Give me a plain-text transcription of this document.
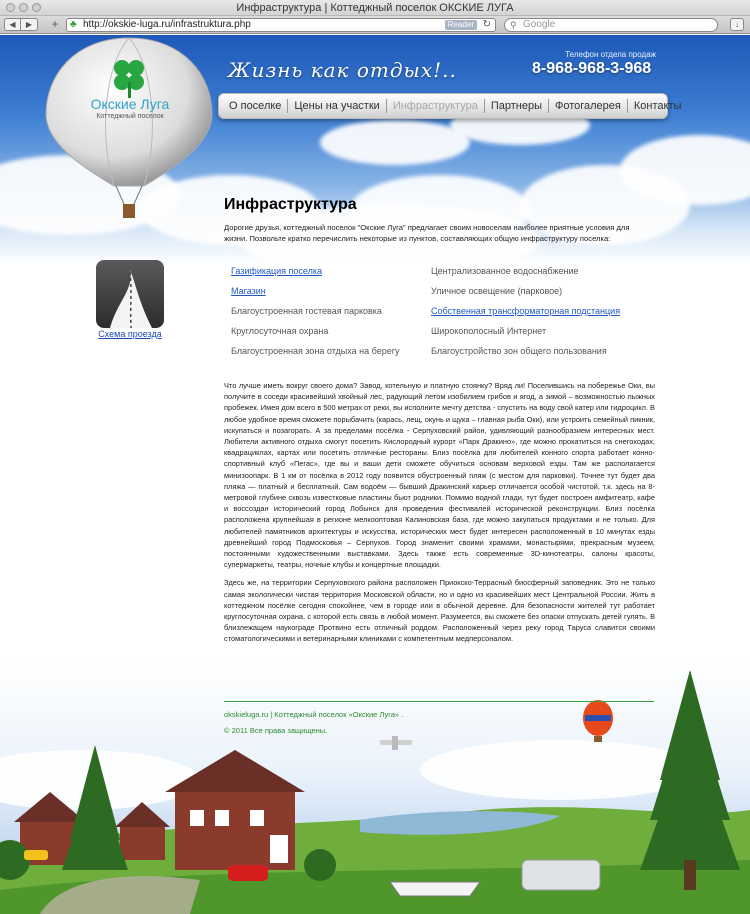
Инфраструктура | Коттеджный поселок ОКСКИЕ ЛУГА
◀	▶	+	♣ http://okskie-luga.ru/infrastruktura.php	Reader ↻ ⚲ Google	↓
Окские Луга
Коттеджный поселок
Жизнь как отдых!..
Телефон отдела продаж
8-968-968-3-968
О поселке	Цены на участки	Инфраструктура	Партнеры	Фотогалерея	Контакты
Инфраструктура

Дорогие друзья, коттеджный поселок "Окские Луга" предлагает своим новоселам наиболее приятные условия для жизни. Позвольте кратко перечислить некоторые из пунктов, составляющих общую инфраструктуру поселка:

Схема проезда
Газификация поселка	Централизованное водоснабжение
Магазин	Уличное освещение (парковое)
Благоустроенная гостевая парковка	Собственная трансформаторная подстанция
Круглосуточная охрана	Широкополосный Интернет
Благоустроенная зона отдыха на берегу	Благоустройство зон общего пользования

Что лучше иметь вокруг своего дома? Завод, котельную и платную стоянку? Вряд ли! Поселившись на побережье Оки, вы получите в соседи красивейший хвойный лес, радующий летом изобилием грибов и ягод, а зимой – возможностью лыжных пробежек. Имея дом всего в 500 метрах от реки, вы исполните мечту детства - спустить на воду свой катер или гидроцикл. В любое удобное время сможете порыбачить (карась, лещ, окунь и щука – главная рыба Оки), или устроить семейный пикник, искупаться и позагорать. А за пределами посёлка - Серпуховский район, удивляющий разнообразием интересных мест. Любители активного отдыха смогут посетить Кислородный курорт «Парк Дракино», где можно прокатиться на снегоходах, квадрациклах, картах или посетить отличные рестораны. Близ посёлка для любителей конного спорта работает конно-спортивный клуб «Пегас», где вы и ваши дети сможете обучиться основам верховой езды. Там же располагается минизоопарк. В 1 км от посёлка в 2012 году появится обустроенный пляж (с местом для парковки). Точнее тут будет два пляжа — платный и бесплатный. Сам водоём — бывший Дракинский карьер отличается особой чистотой, т.к. здесь на 8-метровой глубине сквозь известковые пластины бьют родники. Помимо водной глади, тут будет построен амфитеатр, кафе и воссоздан исторический город Лобынск для проведения фестивалей исторической реконструкции. Близ посёлка расположена крупнейшая в регионе мелкооптовая Калиновская база, где можно закупаться продуктами и не только. Для любителей памятников архитектуры и искусства, исторических мест будет интересен расположенный в 10 минутах езды древнейший город Подмосковья – Серпухов. Город знаменит своими храмами, монастырями, прекрасным музеем, постоянными художественными выставками. Здесь также есть современные 3D-кинотеатры, салоны красоты, супермаркеты, театры, ночные клубы и концертные площадки.

Здесь же, на территории Серпуховского района расположен Приокско-Террасный биосферный заповедник. Это не только самая экологически чистая территория Московской области, но и одно из красивейших мест Центральной России. Жить в коттеджном посёлке сегодня спокойнее, чем в городе или в обычной деревне. Для безопасности жителей тут работает круглосуточная охрана, с которой есть связь в любой момент. Разумеется, вы сможете без опаски отпускать детей гулять. В близлежащем наукограде Протвино есть отличный роддом. Расположенный через реку город Таруса славится своими стоматологическими и ветеринарными клиниками с компетентным медперсоналом.

okskieluga.ru | Коттеджный поселок «Окские Луга» .
© 2011 Все права защищены.
